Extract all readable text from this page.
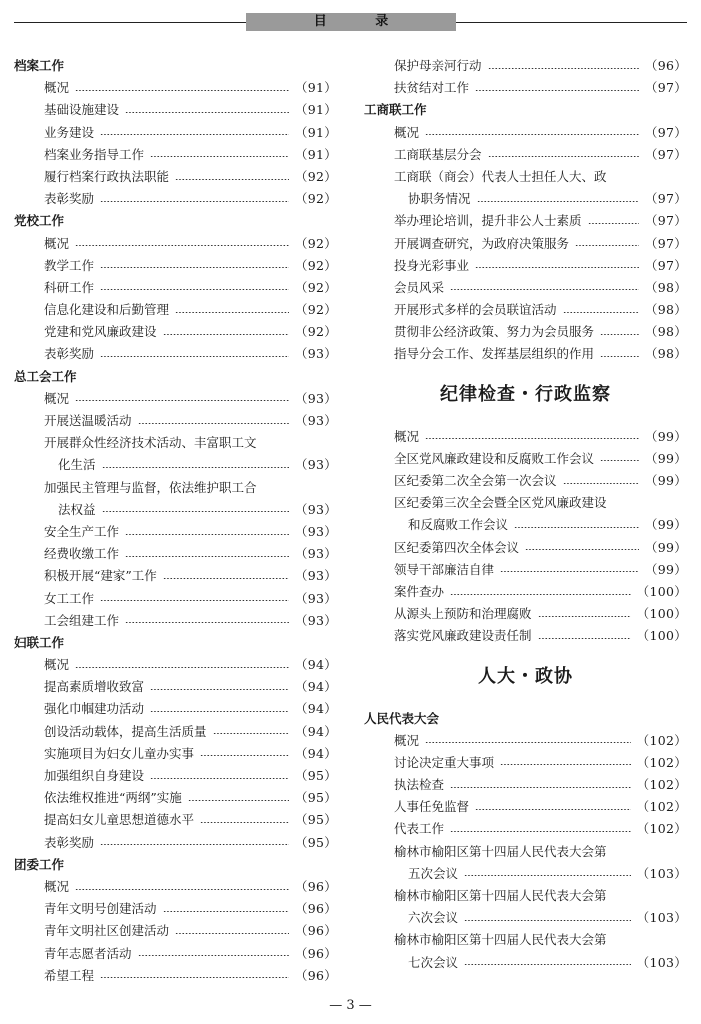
目 录
档案工作
概况	（91）
基础设施建设	（91）
业务建设	（91）
档案业务指导工作	（91）
履行档案行政执法职能	（92）
表彰奖励	（92）
党校工作
概况	（92）
教学工作	（92）
科研工作	（92）
信息化建设和后勤管理	（92）
党建和党风廉政建设	（92）
表彰奖励	（93）
总工会工作
概况	（93）
开展送温暖活动	（93）
开展群众性经济技术活动、丰富职工文
化生活	（93）
加强民主管理与监督，依法维护职工合
法权益	（93）
安全生产工作	（93）
经费收缴工作	（93）
积极开展“建家”工作	（93）
女工工作	（93）
工会组建工作	（93）
妇联工作
概况	（94）
提高素质增收致富	（94）
强化巾帼建功活动	（94）
创设活动载体，提高生活质量	（94）
实施项目为妇女儿童办实事	（94）
加强组织自身建设	（95）
依法维权推进“两纲”实施	（95）
提高妇女儿童思想道德水平	（95）
表彰奖励	（95）
团委工作
概况	（96）
青年文明号创建活动	（96）
青年文明社区创建活动	（96）
青年志愿者活动	（96）
希望工程	（96）
保护母亲河行动	（96）
扶贫结对工作	（97）
工商联工作
概况	（97）
工商联基层分会	（97）
工商联（商会）代表人士担任人大、政
协职务情况	（97）
举办理论培训，提升非公人士素质	（97）
开展调查研究，为政府决策服务	（97）
投身光彩事业	（97）
会员风采	（98）
开展形式多样的会员联谊活动	（98）
贯彻非公经济政策、努力为会员服务	（98）
指导分会工作、发挥基层组织的作用	（98）
纪律检查・行政监察
概况	（99）
全区党风廉政建设和反腐败工作会议	（99）
区纪委第二次全会第一次会议	（99）
区纪委第三次全会暨全区党风廉政建设
和反腐败工作会议	（99）
区纪委第四次全体会议	（99）
领导干部廉洁自律	（99）
案件查办	（100）
从源头上预防和治理腐败	（100）
落实党风廉政建设责任制	（100）
人大・政协
人民代表大会
概况	（102）
讨论决定重大事项	（102）
执法检查	（102）
人事任免监督	（102）
代表工作	（102）
榆林市榆阳区第十四届人民代表大会第
五次会议	（103）
榆林市榆阳区第十四届人民代表大会第
六次会议	（103）
榆林市榆阳区第十四届人民代表大会第
七次会议	（103）
— 3 —
